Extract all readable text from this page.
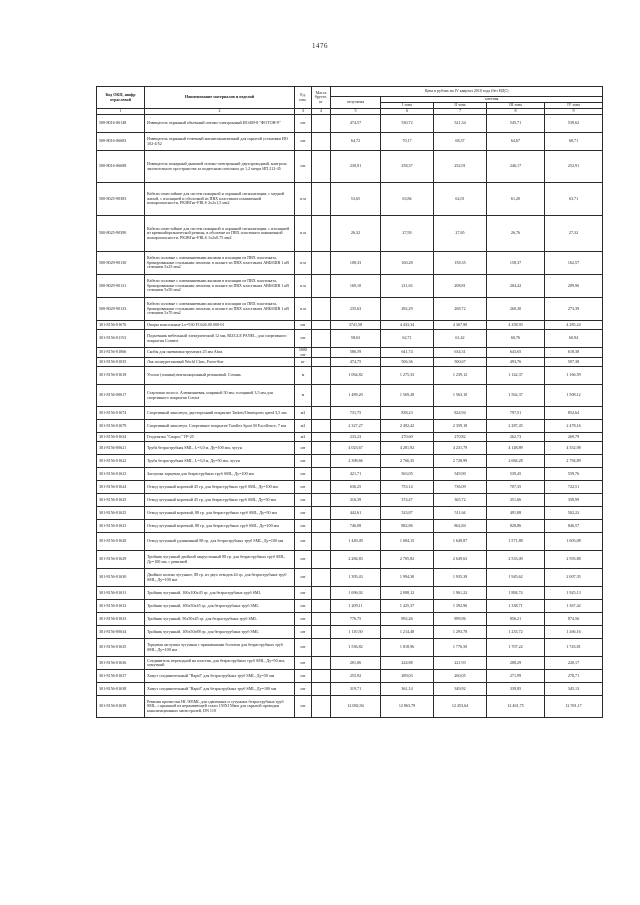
1476
Код ОКП, шифр отраслевой	Наименование материалов и изделий	Ед. изм.	Масса брутто, кг	Цена в рублях на IV квартал 2010 года (без НДС)				
				отпускная	сметная			
					I зона	II зона	III зона	IV зона
1	2	3	4	5	6	7	8	9
500-8016-06148	Извещатель охранный объемный оптико-электронный ИО409-8 "ФОТОН-9"	шт		474,57	530,72	521,34	545,71	539,62
500-8016-06683	Извещатель охранный точечный магнитоконтактный для скрытой установки ИО 102-4/52	шт		64,72	70,17	68,37	64,67	68,71
500-8016-06688	Извещатель пожарный дымовой оптико-электронный двухпроводный, контроль запотолочного пространства за подвесным потолком до 1,2 метра ИП 212-45	шт		230,91	258,37	252,91	246,17	252,91
500-8025-90383	Кабели огнестойкие для систем пожарной и охранной сигнализации, с медной жилой, с изоляцией и оболочкой из ПВХ пластиката пониженной пожароопасности, РКЗВГнг-FRLS 2х2х1,5 мм2	п.м		53,65	63,84	62,01	61,20	63,71
500-8025-90390	Кабели огнестойкие для систем пожарной и охранной сигнализации, с изоляцией из кремнийорганической резины, в оболочке из ПВХ пластиката пониженной пожароопасности, РКЗВГнг-FRLS 1х2х0,75 мм2	п.м		26,32	27,93	27,65	26,76	27,32
500-8029-90130	Кабели силовые с алюминиевыми жилами в изоляции из ПВХ пластиката, бронированные стальными лентами, в шланге из ПВХ пластиката АВБбШВ 1 кВ сечением 5х25 мм2	п.м		108,33	160,28	158,35	158,37	162,57
500-8029-90131	Кабели силовые с алюминиевыми жилами в изоляции из ПВХ пластиката, бронированные стальными лентами, в шланге из ПВХ пластиката АВБбШВ 1 кВ сечением 5х50 мм2	п.м		169,10	211,63	208,81	204,42	209,96
500-8029-90133	Кабели силовые с алюминиевыми жилами в изоляции из ПВХ пластиката, бронированные стальными лентами, в шланге из ПВХ пластиката АВБбШВ 1 кВ сечением 5х70 мм2	п.м		235,63	282,29	268,72	260,30	273,39
301-8156-01676	Опоры консольные Lx=530 FC626.00.000-01	шт		3741,58	4 433,34	4 367,90	4 258,93	4 285,24
301-8156-01153	Подъемник мебельный электрический 12 мм, RIZGLE PANEL, для спортивного покрытия Connect	шт		58,63	62,71	61,42	60,76	60,94
301-8156-01066	Скобы для пневмоинструмента 25 мм Abaz	5000 шт		586,59	641,74	634,31	643,65	618,38
301-8156-01035	Лак полиуретановый World Class, Form-Star	кг		474,75	506,36	500,67	493,76	507,38
301-8156-01618	Уголок (планки) вентиляционный резиновый. Сочинь	м		1 064,82	1 275,33	1 239,12	1 142,37	1 166,59
301-8156-00617	Стартовая полоса. Алюминиевая, шириной 50 мм, толщиной 3,5 мм для спортивного покрытия Conica	м		1 489,20	1 569,28	1 563,10	1 562,37	1 508,12
301-8156-01674	Спортивный линолеум, двусторонний покрытие Tarkett/Omnisports speed 3,5 мм	м2		731,75	838,23	824,94	797,51	852,64
301-8156-01679	Спортивный линолеум. Спортивное покрытие Taraflex Sport M Excellence, 7 мм	м2		2 327,27	2 492,42	2 359,18	2 287,45	2 478,16
301-8156-01634	Геодезятка "Сварос" ТР-25	м2		233,23	270,60	270,82	262,73	269,79
301-8156-00621	Труба безраструбная SML, L=3,0 м, Ду=100 мм, чугун	шт		4 023,67	4 281,92	4 231,79	4 148,89	4 352,98
301-8156-01622	Труба безраструбная SML, L=3,0 м, Ду=50 мм, чугун	шт		2 398,66	2 766,35	2 728,99	2 684,28	2 794,89
301-8156-01623	Заглушка торцевая для безраструбных труб SML, Ду=100 мм	шт		421,71	563,05	549,90	539,45	559,76
301-8156-01624	Отвод чугунный короткий 45 гр. для безраструбных труб SML, Ду=100 мм	шт		636,25	753,14	736,09	707,35	722,51
301-8156-01625	Отвод чугунный короткий 45 гр. для безраструбных труб SML, Ду=50 мм	шт		316,39	374,47	365,72	351,66	358,99
301-8156-01625	Отвод чугунный короткий, 88 гр. для безраструбных труб SML, Ду=50 мм	шт		442,61	523,87	511,64	491,88	502,22
301-8156-01623	Отвод чугунный короткий, 88 гр. для безраструбных труб SML, Ду=100 мм	шт		746,08	882,86	862,84	828,86	846,57
301-8156-01628	Отвод чугунный удлиненный 88 гр. для безраструбных труб SML, Ду=100 мм	шт		1 449,49	1 684,15	1 649,87	1 571,88	1 603,08
301-8156-01629	Тройник чугунный двойной закругленный 88 гр. для безраструбных труб SML, Ду=100 мм, с ревизией	шт		2 284,83	2 705,82	2 649,63	2 533,49	2 593,88
301-8156-01630	Двойное колено чугунное, 88 гр. из двух отводов 44 гр. для безраструбных труб SML, Ду=100 мм	шт		1 395,43	1 994,30	1 935,39	1 945,62	2 007,35
301-8156-01631	Тройник чугунный, 100х100х45 гр. для безраструбных труб SML	шт		1 696,02	2 008,12	1 961,22	1 884,74	1 925,13
301-8156-01632	Тройник чугунный, 100х50х45 гр. для безраструбных труб SML	шт		1 209,11	1 425,37	1 392,96	1 338,71	1 367,42
301-8156-01633	Тройник чугунный, 50х50х45 гр. для безраструбных труб SML	шт		776,75	892,26	899,96	856,21	874,56
301-8156-00634	Тройник чугунный, 100х50х88 гр. для безраструбных труб SML	шт		1 110,50	1 214,48	1 293,78	1 233,72	1 266,16
301-8156-01635	Торцевая заглушка чугунная с прижимными болтами для безраструбных труб SML, Ду=100 мм	шт		1 536,82	1 818,96	1 776,50	1 707,22	1 743,81
301-8156-01636	Соединитель переходной на пластик, для безраструбных труб SML, Ду=50 мм, хомутный	шт		201,06	224,88	221,93	208,29	220,17
301-8156-01637	Хомут соединительный "Rapid" для безраструбных труб SML, Ду=50 мм	шт		255,92	289,03	260,05	271,99	278,71
301-8156-01638	Хомут соединительный "Rapid" для безраструбных труб SML, Ду=100 мм	шт		319,71	361,14	349,92	339,85	345,13
301-8156-01639	Ревизия прочистки HL 905ML для сдвоенных и сутунных безраструбных труб SML, с крышкой из нержавеющей стали 150Х150мм для скрытой проводки канализационных магистралей, DN 110	шт		12 082,94	12 863,79	12 453,64	12 461,75	12 591,17
